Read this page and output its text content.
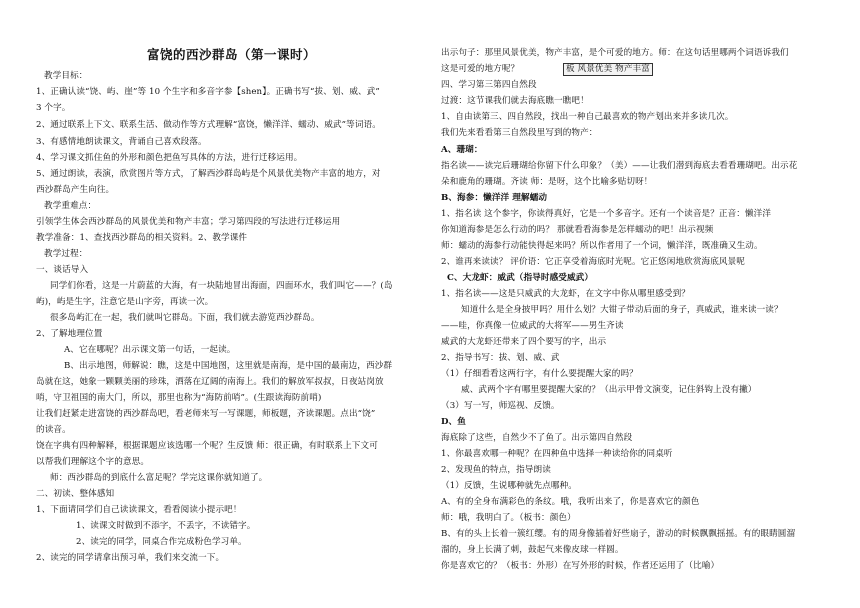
富饶的西沙群岛（第一课时）
教学目标：
1、正确认读“饶、屿、崖”等 10 个生字和多音字参【shen】。正确书写“拔、划、威、武”
3 个字。
2、通过联系上下文、联系生活、做动作等方式理解“富饶，懒洋洋、蠕动、威武”等词语。
3、有感情地朗读课文，背诵自己喜欢段落。
4、学习课文抓住鱼的外形和颜色把鱼写具体的方法，进行迁移运用。
5、通过朗读，表演，欣赏图片等方式，了解西沙群岛屿是个风景优美物产丰富的地方，对
西沙群岛产生向往。
教学重难点：
引领学生体会西沙群岛的风景优美和物产丰富；学习第四段的写法进行迁移运用
教学准备：1、查找西沙群岛的相关资料。2、教学课件
教学过程：
一、谈话导入
同学们你看，这是一片蔚蓝的大海，有一块陆地冒出海面，四面环水，我们叫它——？(岛
屿)，屿是生字，注意它是山字旁，再读一次。
很多岛屿汇在一起，我们就叫它群岛。下面，我们就去游览西沙群岛。
2、了解地理位置
A、它在哪呢？出示课文第一句话，一起读。
B、出示地图，师解说：瞧，这是中国地图，这里就是南海，是中国的最南边，西沙群
岛就在这，她象一颗颗美丽的珍珠，洒落在辽阔的南海上。我们的解放军叔叔，日夜站岗放
哨，守卫祖国的南大门，所以，那里也称为“海防前哨”。(生跟读海防前哨)
让我们赶紧走进富饶的西沙群岛吧，看老师来写一写课题，师板题，齐读课题。点出“饶”
的读音。
饶在字典有四种解释，根据课题应该选哪一个呢？生反馈 师：很正确，有时联系上下文可
以帮我们理解这个字的意思。
师：西沙群岛的到底什么富足呢？学完这课你就知道了。
二、初读、整体感知
1、下面请同学们自己读读课文，看看阅读小提示吧！
1、读课文时做到不添字，不丢字，不读错字。
2、读完的同学，同桌合作完成粉色学习单。
2、读完的同学请拿出预习单，我们来交流一下。
出示句子：那里风景优美，物产丰富，是个可爱的地方。师：在这句话里哪两个词语诉我们
这是可爱的地方呢？	板 风景优美 物产丰富
四、学习第三第四自然段
过渡：这节课我们就去海底瞧一瞧吧！
1、自由读第三、四自然段，找出一种自己最喜欢的物产划出来并多读几次。
我们先来看看第三自然段里写到的物产：
A、珊瑚：
指名读——读完后珊瑚给你留下什么印象？（美）——让我们潜到海底去看看珊瑚吧。出示花
朵和鹿角的珊瑚。齐读 师：是呀，这个比喻多贴切呀！
B、海参：懒洋洋 理解蠕动
1、指名读 这个参字，你读得真好，它是一个多音字。还有一个读音是？正音：懒洋洋
你知道海参是怎么行动的吗？ 那就看看海参是怎样蠕动的吧！出示视频
师：蠕动的海参行动能快得起来吗？所以作者用了一个词，懒洋洋，既准确又生动。
2、谁再来读读？ 评价语：它正享受着海底时光呢。它正悠闲地欣赏海底风景呢
C、大龙虾：威武（指导时感受威武）
1、指名读——这是只威武的大龙虾，在文字中你从哪里感受到？
知道什么是全身披甲吗？用什么划？大钳子带动后面的身子，真威武，谁来读一读？
——哇，你真像一位威武的大将军——男生齐读
威武的大龙虾还带来了四个要写的字，出示
2、指导书写：拔、划、威、武
（1）仔细看看这两行字，有什么要提醒大家的吗？
威、武两个字有哪里要提醒大家的？（出示甲骨文演变，记住斜钩上没有撇）
（3）写一写，师巡视、反馈。
D、鱼
海底除了这些，自然少不了鱼了。出示第四自然段
1、你最喜欢哪一种呢？在四种鱼中选择一种读给你的同桌听
2、发现鱼的特点，指导朗读
（1）反馈，生说哪种就先点哪种。
A、有的全身布满彩色的条纹。哦，我听出来了，你是喜欢它的颜色
师：哦，我明白了。（板书：颜色）
B、有的头上长着一簇红缨。有的周身像插着好些扇子，游动的时候飘飘摇摇。有的眼睛圆溜
溜的，身上长满了刺，鼓起气来像皮球一样圆。
你是喜欢它的？（板书：外形）在写外形的时候，作者还运用了（比喻）
